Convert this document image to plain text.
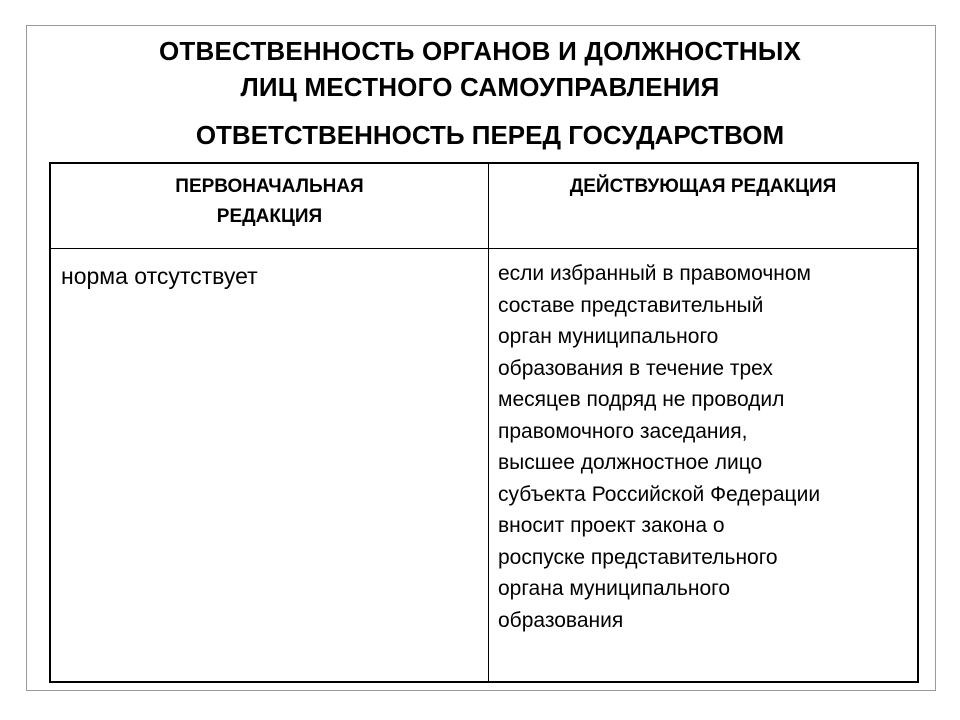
ОТВЕСТВЕННОСТЬ ОРГАНОВ И ДОЛЖНОСТНЫХ
ЛИЦ МЕСТНОГО САМОУПРАВЛЕНИЯ
ОТВЕТСТВЕННОСТЬ ПЕРЕД ГОСУДАРСТВОМ
ПЕРВОНАЧАЛЬНАЯ
РЕДАКЦИЯ
ДЕЙСТВУЮЩАЯ РЕДАКЦИЯ
норма отсутствует	если избранный в правомочном
составе представительный
орган муниципального
образования в течение трех
месяцев подряд не проводил
правомочного заседания,
высшее должностное лицо
субъекта Российской Федерации
вносит проект закона о
роспуске представительного
органа муниципального
образования
